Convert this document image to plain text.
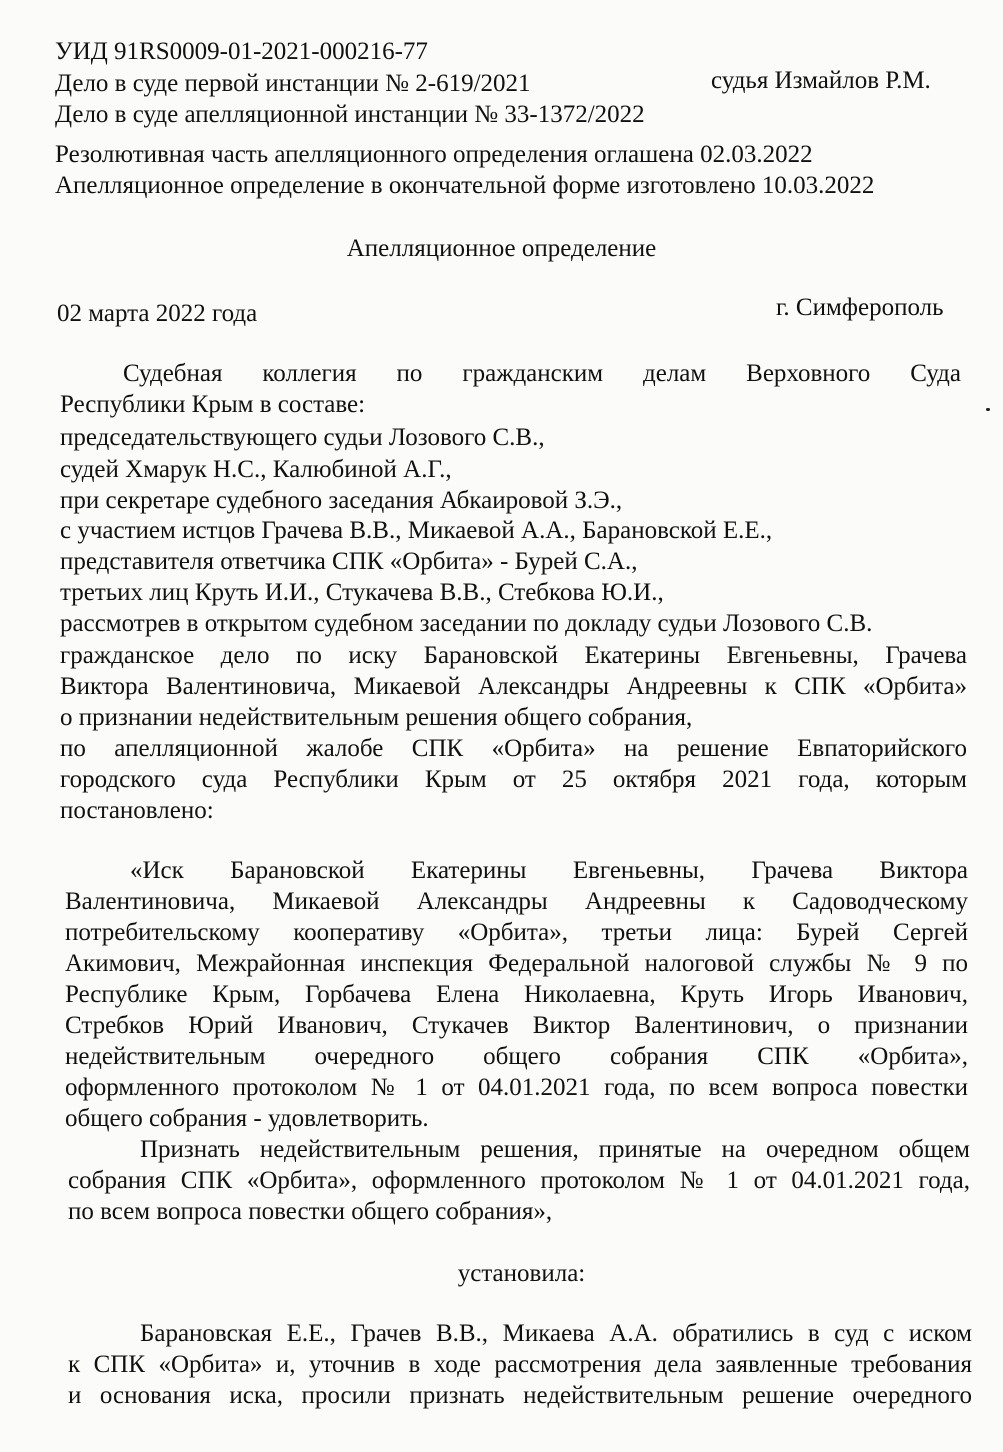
УИД 91RS0009-01-2021-000216-77

Дело в суде первой инстанции № 2-619/2021	судья Измайлов Р.М.

Дело в суде апелляционной инстанции № 33-1372/2022

Резолютивная часть апелляционного определения оглашена 02.03.2022

Апелляционное определение в окончательной форме изготовлено 10.03.2022

Апелляционное определение

02 марта 2022 года	г. Симферополь

Судебная коллегия по гражданским делам Верховного Суда

Республики Крым в составе:

председательствующего судьи Лозового С.В.,

судей Хмарук Н.С., Калюбиной А.Г.,

при секретаре судебного заседания Абкаировой З.Э.,

с участием истцов Грачева В.В., Микаевой А.А., Барановской Е.Е.,

представителя ответчика СПК «Орбита» - Бурей С.А.,

третьих лиц Круть И.И., Стукачева В.В., Стебкова Ю.И.,

рассмотрев в открытом судебном заседании по докладу судьи Лозового С.В.

гражданское дело по иску Барановской Екатерины Евгеньевны, Грачева

Виктора Валентиновича, Микаевой Александры Андреевны к СПК «Орбита»

о признании недействительным решения общего собрания,

по апелляционной жалобе СПК «Орбита» на решение Евпаторийского

городского суда Республики Крым от 25 октября 2021 года, которым

постановлено:

«Иск Барановской Екатерины Евгеньевны, Грачева Виктора

Валентиновича, Микаевой Александры Андреевны к Садоводческому

потребительскому кооперативу «Орбита», третьи лица: Бурей Сергей

Акимович, Межрайонная инспекция Федеральной налоговой службы № 9 по

Республике Крым, Горбачева Елена Николаевна, Круть Игорь Иванович,

Стребков Юрий Иванович, Стукачев Виктор Валентинович, о признании

недействительным очередного общего собрания СПК «Орбита»,

оформленного протоколом № 1 от 04.01.2021 года, по всем вопроса повестки

общего собрания - удовлетворить.

Признать недействительным решения, принятые на очередном общем

собрания СПК «Орбита», оформленного протоколом № 1 от 04.01.2021 года,

по всем вопроса повестки общего собрания»,

установила:

Барановская Е.Е., Грачев В.В., Микаева А.А. обратились в суд с иском

к СПК «Орбита» и, уточнив в ходе рассмотрения дела заявленные требования

и основания иска, просили признать недействительным решение очередного
